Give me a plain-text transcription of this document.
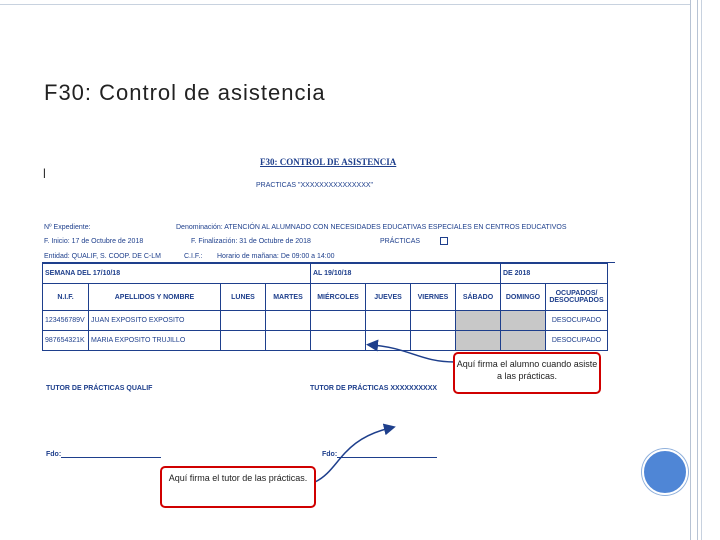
F30: Control de asistencia
l
F30: CONTROL DE ASISTENCIA
PRACTICAS "XXXXXXXXXXXXXXX"
Nº Expediente:	Denominación: ATENCIÓN AL ALUMNADO CON NECESIDADES EDUCATIVAS ESPECIALES EN CENTROS EDUCATIVOS
F. Inicio: 17 de Octubre de 2018	F. Finalización: 31 de Octubre de 2018	PRÁCTICAS
Entidad: QUALIF, S. COOP. DE C-LM	C.I.F.: Horario de mañana: De 09:00 a 14:00
SEMANA DEL 17/10/18				AL 19/10/18				DE 2018	
N.I.F.	APELLIDOS Y NOMBRE	LUNES	MARTES	MIÉRCOLES	JUEVES	VIERNES	SÁBADO	DOMINGO	OCUPADOS/ DESOCUPADOS
123456789V	JUAN EXPOSITO EXPOSITO								DESOCUPADO
987654321K	MARIA EXPOSITO TRUJILLO								DESOCUPADO
TUTOR DE PRÁCTICAS QUALIF	TUTOR DE PRÁCTICAS XXXXXXXXXX
Fdo:	Fdo:
Aquí firma el alumno cuando asiste a las prácticas.
Aquí firma el tutor de las prácticas.
